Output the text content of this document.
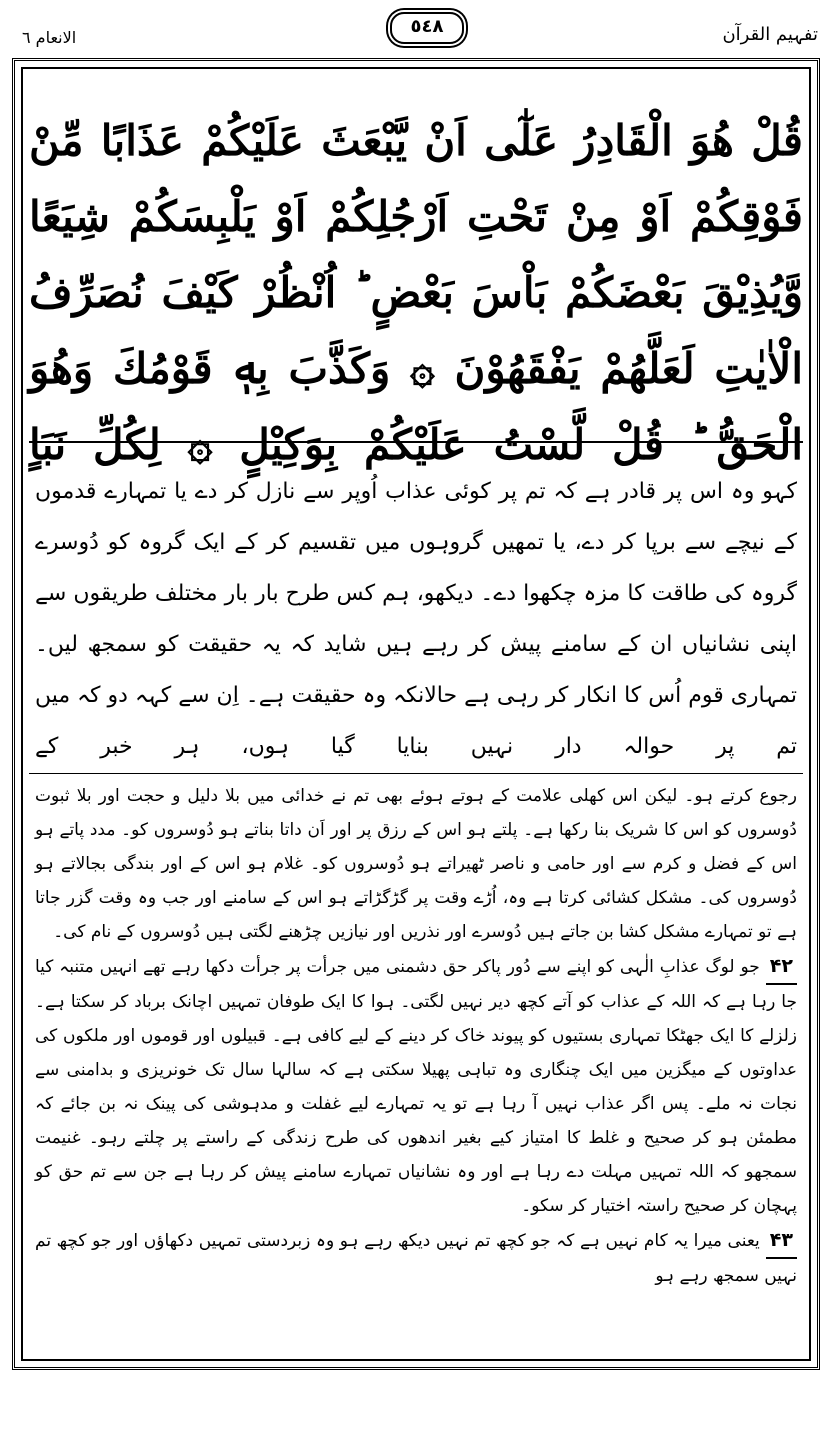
الانعام ٦
٥٤٨	تفہیم القرآن
قُلْ هُوَ الْقَادِرُ عَلٰٓى اَنْ يَّبْعَثَ عَلَيْكُمْ عَذَابًا مِّنْ فَوْقِكُمْ اَوْ مِنْ تَحْتِ اَرْجُلِكُمْ اَوْ يَلْبِسَكُمْ شِيَعًا وَّيُذِيْقَ بَعْضَكُمْ بَاْسَ بَعْضٍ ؕ اُنْظُرْ كَيْفَ نُصَرِّفُ الْاٰيٰتِ لَعَلَّهُمْ يَفْقَهُوْنَ ۞ وَكَذَّبَ بِهٖ قَوْمُكَ وَهُوَ الْحَقُّ ؕ قُلْ لَّسْتُ عَلَيْكُمْ بِوَكِيْلٍ ۞ لِكُلِّ نَبَاٍ
کہو وہ اس پر قادر ہے کہ تم پر کوئی عذاب اُوپر سے نازل کر دے یا تمہارے قدموں کے نیچے سے برپا کر دے، یا تمھیں گروہوں میں تقسیم کر کے ایک گروہ کو دُوسرے گروہ کی طاقت کا مزہ چکھوا دے۔ دیکھو، ہم کس طرح بار بار مختلف طریقوں سے اپنی نشانیاں ان کے سامنے پیش کر رہے ہیں شاید کہ یہ حقیقت کو سمجھ لیں۔ تمہاری قوم اُس کا انکار کر رہی ہے حالانکہ وہ حقیقت ہے۔ اِن سے کہہ دو کہ میں تم پر حوالہ دار نہیں بنایا گیا ہوں، ہر خبر کے

رجوع کرتے ہو۔ لیکن اس کھلی علامت کے ہوتے ہوئے بھی تم نے خدائی میں بلا دلیل و حجت اور بلا ثبوت دُوسروں کو اس کا شریک بنا رکھا ہے۔ پلتے ہو اس کے رزق پر اور اَن داتا بناتے ہو دُوسروں کو۔ مدد پاتے ہو اس کے فضل و کرم سے اور حامی و ناصر ٹھیراتے ہو دُوسروں کو۔ غلام ہو اس کے اور بندگی بجالاتے ہو دُوسروں کی۔ مشکل کشائی کرتا ہے وہ، اُڑے وقت پر گڑگڑاتے ہو اس کے سامنے اور جب وہ وقت گزر جاتا ہے تو تمہارے مشکل کشا بن جاتے ہیں دُوسرے اور نذریں اور نیازیں چڑھنے لگتی ہیں دُوسروں کے نام کی۔

۴۲جو لوگ عذابِ الٰہی کو اپنے سے دُور پاکر حق دشمنی میں جرأت پر جرأت دکھا رہے تھے انہیں متنبہ کیا جا رہا ہے کہ اللہ کے عذاب کو آتے کچھ دیر نہیں لگتی۔ ہوا کا ایک طوفان تمہیں اچانک برباد کر سکتا ہے۔ زلزلے کا ایک جھٹکا تمہاری بستیوں کو پیوند خاک کر دینے کے لیے کافی ہے۔ قبیلوں اور قوموں اور ملکوں کی عداوتوں کے میگزین میں ایک چنگاری وہ تباہی پھیلا سکتی ہے کہ سالہا سال تک خونریزی و بدامنی سے نجات نہ ملے۔ پس اگر عذاب نہیں آ رہا ہے تو یہ تمہارے لیے غفلت و مدہوشی کی پینک نہ بن جائے کہ مطمئن ہو کر صحیح و غلط کا امتیاز کیے بغیر اندھوں کی طرح زندگی کے راستے پر چلتے رہو۔ غنیمت سمجھو کہ اللہ تمہیں مہلت دے رہا ہے اور وہ نشانیاں تمہارے سامنے پیش کر رہا ہے جن سے تم حق کو پہچان کر صحیح راستہ اختیار کر سکو۔

۴۳یعنی میرا یہ کام نہیں ہے کہ جو کچھ تم نہیں دیکھ رہے ہو وہ زبردستی تمہیں دکھاؤں اور جو کچھ تم نہیں سمجھ رہے ہو
